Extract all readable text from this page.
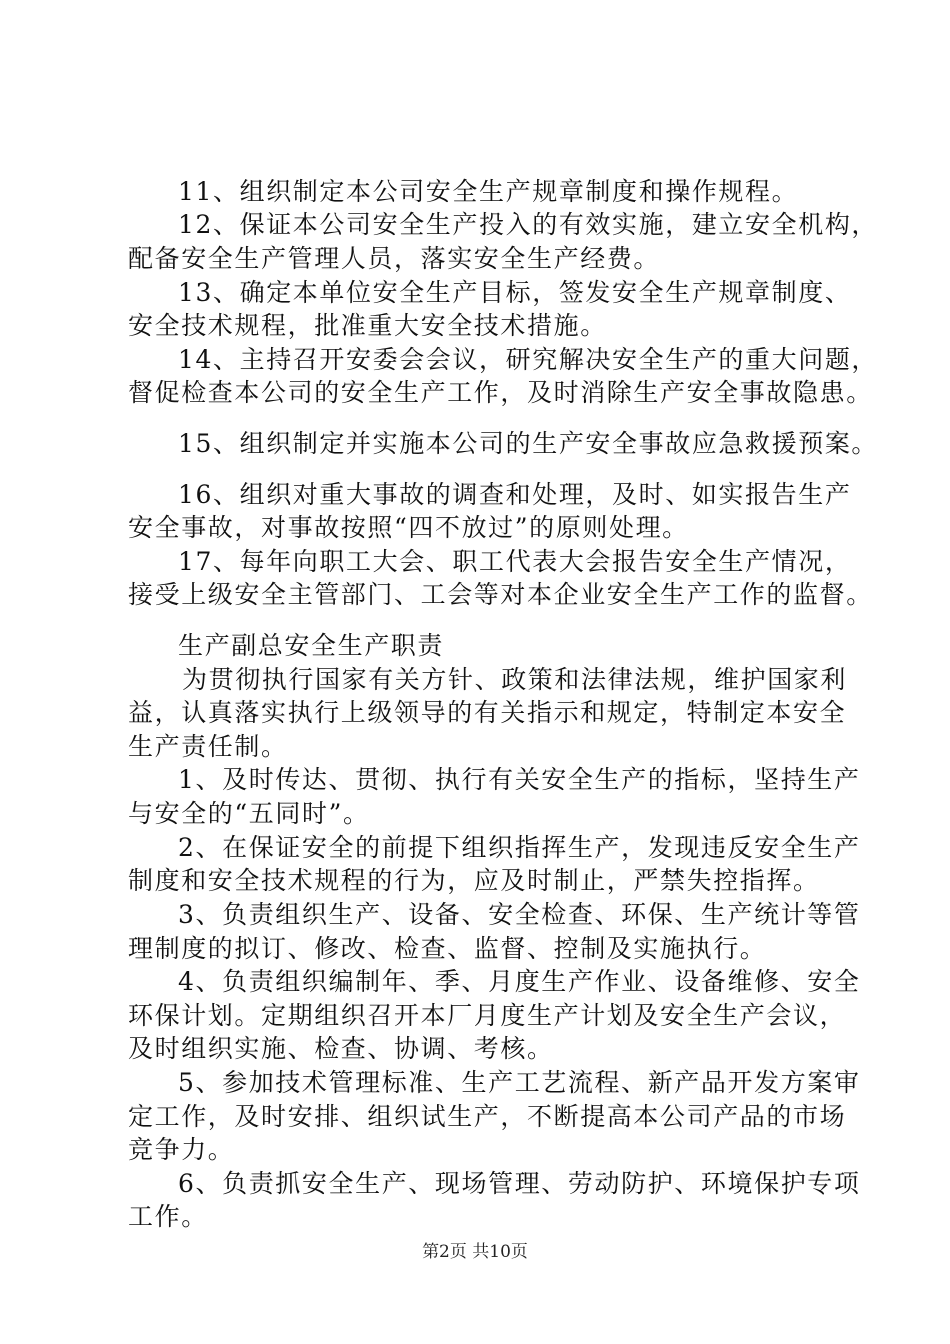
11、组织制定本公司安全生产规章制度和操作规程。
12、保证本公司安全生产投入的有效实施，建立安全机构，
配备安全生产管理人员，落实安全生产经费。
13、确定本单位安全生产目标，签发安全生产规章制度、
安全技术规程，批准重大安全技术措施。
14、主持召开安委会会议，研究解决安全生产的重大问题，
督促检查本公司的安全生产工作，及时消除生产安全事故隐患。
15、组织制定并实施本公司的生产安全事故应急救援预案。
16、组织对重大事故的调查和处理，及时、如实报告生产
安全事故，对事故按照“四不放过”的原则处理。
17、每年向职工大会、职工代表大会报告安全生产情况，
接受上级安全主管部门、工会等对本企业安全生产工作的监督。
生产副总安全生产职责
为贯彻执行国家有关方针、政策和法律法规，维护国家利
益，认真落实执行上级领导的有关指示和规定，特制定本安全
生产责任制。
1、及时传达、贯彻、执行有关安全生产的指标，坚持生产
与安全的“五同时”。
2、在保证安全的前提下组织指挥生产，发现违反安全生产
制度和安全技术规程的行为，应及时制止，严禁失控指挥。
3、负责组织生产、设备、安全检查、环保、生产统计等管
理制度的拟订、修改、检查、监督、控制及实施执行。
4、负责组织编制年、季、月度生产作业、设备维修、安全
环保计划。定期组织召开本厂月度生产计划及安全生产会议，
及时组织实施、检查、协调、考核。
5、参加技术管理标准、生产工艺流程、新产品开发方案审
定工作，及时安排、组织试生产，不断提高本公司产品的市场
竞争力。
6、负责抓安全生产、现场管理、劳动防护、环境保护专项
工作。
第2页 共10页
